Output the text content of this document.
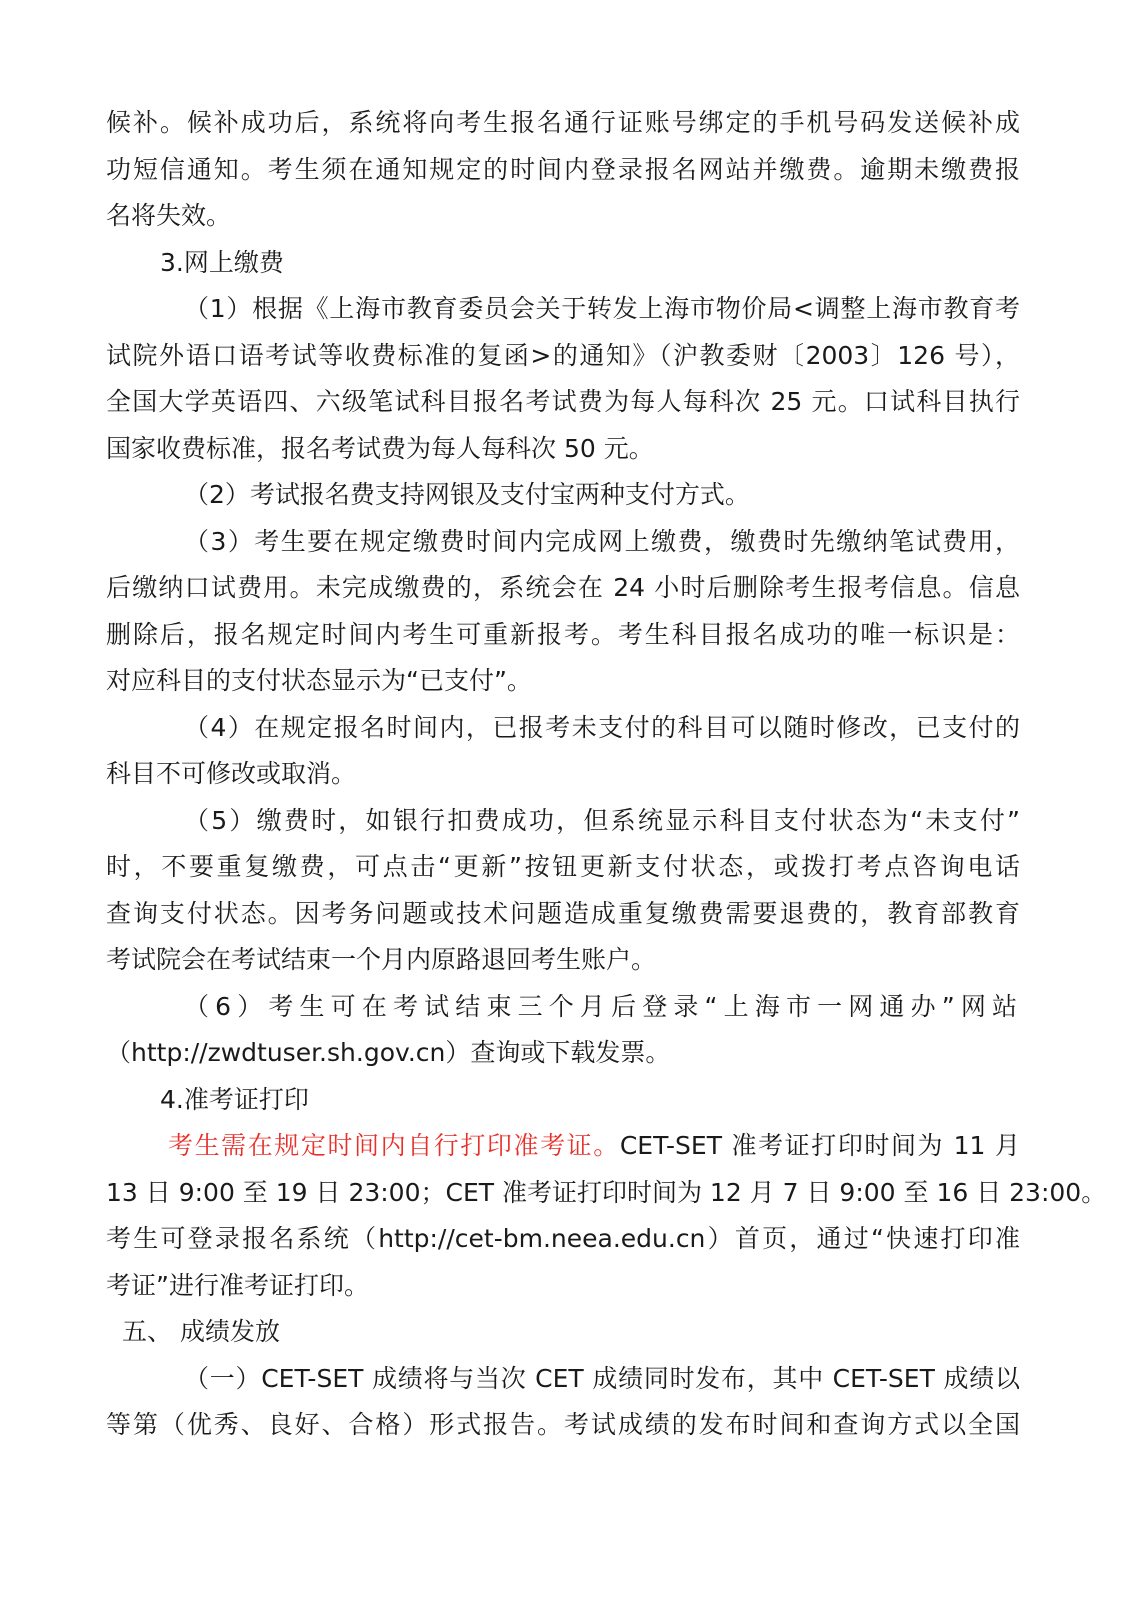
候补。候补成功后，系统将向考生报名通行证账号绑定的手机号码发送候补成

功短信通知。考生须在通知规定的时间内登录报名网站并缴费。逾期未缴费报

名将失效。

3.网上缴费

（1）根据《上海市教育委员会关于转发上海市物价局<调整上海市教育考

试院外语口语考试等收费标准的复函>的通知》（沪教委财〔2003〕126 号），

全国大学英语四、六级笔试科目报名考试费为每人每科次 25 元。口试科目执行

国家收费标准，报名考试费为每人每科次 50 元。

（2）考试报名费支持网银及支付宝两种支付方式。

（3）考生要在规定缴费时间内完成网上缴费，缴费时先缴纳笔试费用，

后缴纳口试费用。未完成缴费的，系统会在 24 小时后删除考生报考信息。信息

删除后，报名规定时间内考生可重新报考。考生科目报名成功的唯一标识是：

对应科目的支付状态显示为“已支付”。

（4）在规定报名时间内，已报考未支付的科目可以随时修改，已支付的

科目不可修改或取消。

（5）缴费时，如银行扣费成功，但系统显示科目支付状态为“未支付”

时，不要重复缴费，可点击“更新”按钮更新支付状态，或拨打考点咨询电话

查询支付状态。因考务问题或技术问题造成重复缴费需要退费的，教育部教育

考试院会在考试结束一个月内原路退回考生账户。

（6）考生可在考试结束三个月后登录“上海市一网通办”网站

（http://zwdtuser.sh.gov.cn）查询或下载发票。

4.准考证打印

考生需在规定时间内自行打印准考证。CET-SET 准考证打印时间为 11 月

13 日 9:00 至 19 日 23:00；CET 准考证打印时间为 12 月 7 日 9:00 至 16 日 23:00。

考生可登录报名系统（http://cet-bm.neea.edu.cn）首页，通过“快速打印准

考证”进行准考证打印。

五、 成绩发放

（一）CET-SET 成绩将与当次 CET 成绩同时发布，其中 CET-SET 成绩以

等第（优秀、良好、合格）形式报告。考试成绩的发布时间和查询方式以全国
